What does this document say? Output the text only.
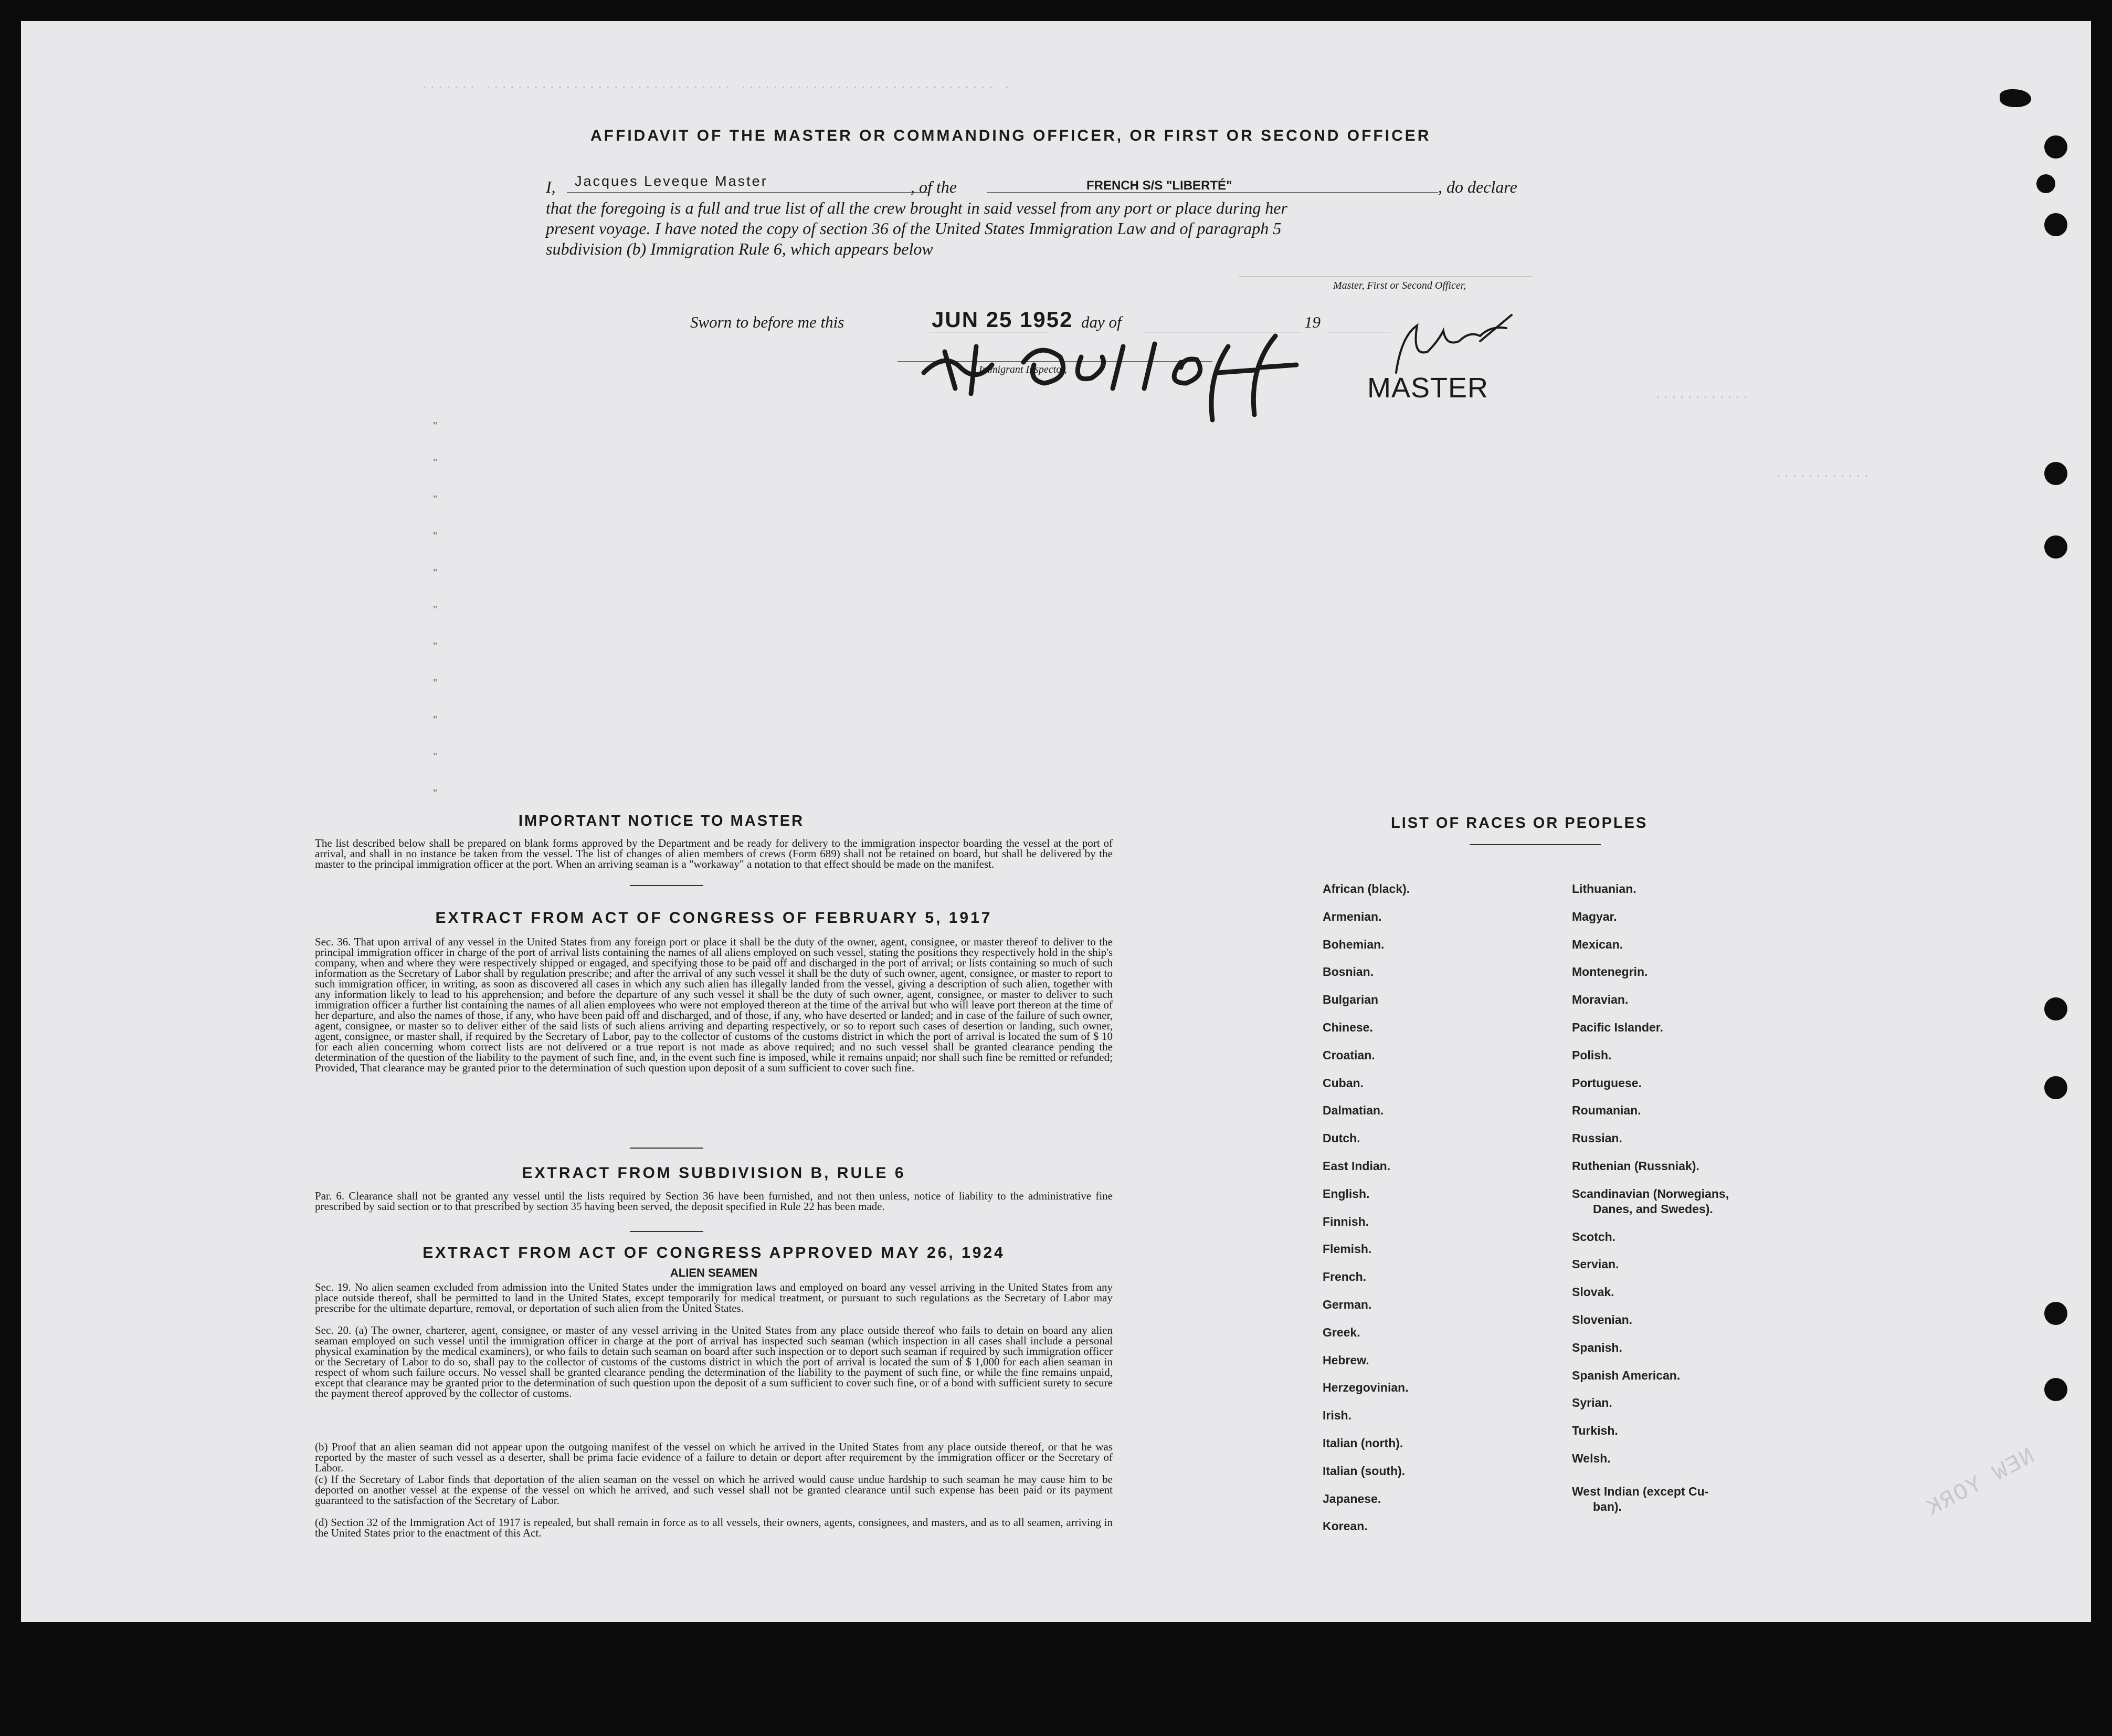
. ................................ ............................... .......
............
............
AFFIDAVIT OF THE MASTER OR COMMANDING OFFICER, OR FIRST OR SECOND OFFICER
I, Jacques Leveque Master	, of the	FRENCH S/S "LIBERTÉ"	, do declare
that the foregoing is a full and true list of all the crew brought in said vessel from any port or place during her
present voyage. I have noted the copy of section 36 of the United States Immigration Law and of paragraph 5
subdivision (b) Immigration Rule 6, which appears below
Master, First or Second Officer,
Sworn to before me this	JUN 25 1952 day of	19
Immigrant Inspector,
MASTER
"
"
"
"
"
"
"
"
"
"
"
IMPORTANT NOTICE TO MASTER
The list described below shall be prepared on blank forms approved by the Department and be ready for delivery to the immigration inspector boarding the vessel at the port of arrival, and shall in no instance be taken from the vessel. The list of changes of alien members of crews (Form 689) shall not be retained on board, but shall be delivered by the master to the principal immigration officer at the port. When an arriving seaman is a "workaway" a notation to that effect should be made on the manifest.
EXTRACT FROM ACT OF CONGRESS OF FEBRUARY 5, 1917
Sec. 36. That upon arrival of any vessel in the United States from any foreign port or place it shall be the duty of the owner, agent, consignee, or master thereof to deliver to the principal immigration officer in charge of the port of arrival lists containing the names of all aliens employed on such vessel, stating the positions they respectively hold in the ship's company, when and where they were respectively shipped or engaged, and specifying those to be paid off and discharged in the port of arrival; or lists containing so much of such information as the Secretary of Labor shall by regulation prescribe; and after the arrival of any such vessel it shall be the duty of such owner, agent, consignee, or master to report to such immigration officer, in writing, as soon as discovered all cases in which any such alien has illegally landed from the vessel, giving a description of such alien, together with any information likely to lead to his apprehension; and before the departure of any such vessel it shall be the duty of such owner, agent, consignee, or master to deliver to such immigration officer a further list containing the names of all alien employees who were not employed thereon at the time of the arrival but who will leave port thereon at the time of her departure, and also the names of those, if any, who have been paid off and discharged, and of those, if any, who have deserted or landed; and in case of the failure of such owner, agent, consignee, or master so to deliver either of the said lists of such aliens arriving and departing respectively, or so to report such cases of desertion or landing, such owner, agent, consignee, or master shall, if required by the Secretary of Labor, pay to the collector of customs of the customs district in which the port of arrival is located the sum of $ 10 for each alien concerning whom correct lists are not delivered or a true report is not made as above required; and no such vessel shall be granted clearance pending the determination of the question of the liability to the payment of such fine, and, in the event such fine is imposed, while it remains unpaid; nor shall such fine be remitted or refunded; Provided, That clearance may be granted prior to the determination of such question upon deposit of a sum sufficient to cover such fine.
EXTRACT FROM SUBDIVISION B, RULE 6
Par. 6. Clearance shall not be granted any vessel until the lists required by Section 36 have been furnished, and not then unless, notice of liability to the administrative fine prescribed by said section or to that prescribed by section 35 having been served, the deposit specified in Rule 22 has been made.
EXTRACT FROM ACT OF CONGRESS APPROVED MAY 26, 1924
ALIEN SEAMEN
Sec. 19. No alien seamen excluded from admission into the United States under the immigration laws and employed on board any vessel arriving in the United States from any place outside thereof, shall be permitted to land in the United States, except temporarily for medical treatment, or pursuant to such regulations as the Secretary of Labor may prescribe for the ultimate departure, removal, or deportation of such alien from the United States.
Sec. 20. (a) The owner, charterer, agent, consignee, or master of any vessel arriving in the United States from any place outside thereof who fails to detain on board any alien seaman employed on such vessel until the immigration officer in charge at the port of arrival has inspected such seaman (which inspection in all cases shall include a personal physical examination by the medical examiners), or who fails to detain such seaman on board after such inspection or to deport such seaman if required by such immigration officer or the Secretary of Labor to do so, shall pay to the collector of customs of the customs district in which the port of arrival is located the sum of $ 1,000 for each alien seaman in respect of whom such failure occurs. No vessel shall be granted clearance pending the determination of the liability to the payment of such fine, or while the fine remains unpaid, except that clearance may be granted prior to the determination of such question upon the deposit of a sum sufficient to cover such fine, or of a bond with sufficient surety to secure the payment thereof approved by the collector of customs.
(b) Proof that an alien seaman did not appear upon the outgoing manifest of the vessel on which he arrived in the United States from any place outside thereof, or that he was reported by the master of such vessel as a deserter, shall be prima facie evidence of a failure to detain or deport after requirement by the immigration officer or the Secretary of Labor.
(c) If the Secretary of Labor finds that deportation of the alien seaman on the vessel on which he arrived would cause undue hardship to such seaman he may cause him to be deported on another vessel at the expense of the vessel on which he arrived, and such vessel shall not be granted clearance until such expense has been paid or its payment guaranteed to the satisfaction of the Secretary of Labor.
(d) Section 32 of the Immigration Act of 1917 is repealed, but shall remain in force as to all vessels, their owners, agents, consignees, and masters, and as to all seamen, arriving in the United States prior to the enactment of this Act.
LIST OF RACES OR PEOPLES
African (black).
Armenian.
Bohemian.
Bosnian.
Bulgarian
Chinese.
Croatian.
Cuban.
Dalmatian.
Dutch.
East Indian.
English.
Finnish.
Flemish.
French.
German.
Greek.
Hebrew.
Herzegovinian.
Irish.
Italian (north).
Italian (south).
Japanese.
Korean.
Lithuanian.
Magyar.
Mexican.
Montenegrin.
Moravian.
Pacific Islander.
Polish.
Portuguese.
Roumanian.
Russian.
Ruthenian (Russniak).
Scandinavian (Norwegians,
Danes, and Swedes).
Scotch.
Servian.
Slovak.
Slovenian.
Spanish.
Spanish American.
Syrian.
Turkish.
Welsh.
West Indian (except Cu-
ban).	NEW YORK
